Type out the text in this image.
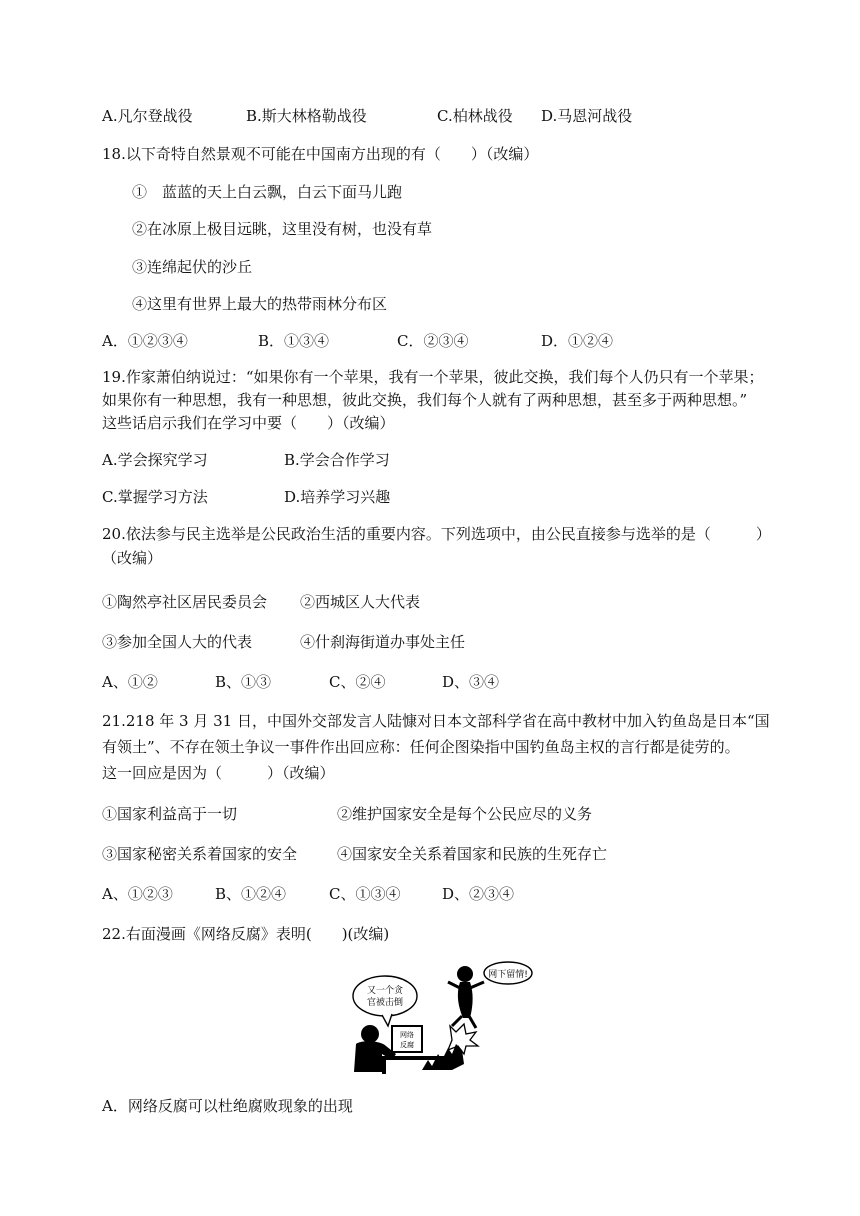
A.凡尔登战役	B.斯大林格勒战役	C.柏林战役 D.马恩河战役
18.以下奇特自然景观不可能在中国南方出现的有（　　）（改编）
①　蓝蓝的天上白云飘，白云下面马儿跑
②在冰原上极目远眺，这里没有树，也没有草
③连绵起伏的沙丘
④这里有世界上最大的热带雨林分布区
A．①②③④	B．①③④	C．②③④	D．①②④
19.作家萧伯纳说过：“如果你有一个苹果，我有一个苹果，彼此交换，我们每个人仍只有一个苹果；
如果你有一种思想，我有一种思想，彼此交换，我们每个人就有了两种思想，甚至多于两种思想。”
这些话启示我们在学习中要（　　）（改编）
A.学会探究学习	B.学会合作学习
C.掌握学习方法	D.培养学习兴趣
20.依法参与民主选举是公民政治生活的重要内容。下列选项中，由公民直接参与选举的是（　　　）
（改编）
①陶然亭社区居民委员会 ②西城区人大代表
③参加全国人大的代表	④什刹海街道办事处主任
A、①②	B、①③	C、②④	D、③④
21.218 年 3 月 31 日，中国外交部发言人陆慷对日本文部科学省在高中教材中加入钓鱼岛是日本“国
有领土”、不存在领土争议一事件作出回应称：任何企图染指中国钓鱼岛主权的言行都是徒劳的。
这一回应是因为（　　　）（改编）
①国家利益高于一切	②维护国家安全是每个公民应尽的义务
③国家秘密关系着国家的安全	④国家安全关系着国家和民族的生死存亡
A、①②③	B、①②④	C、①③④	D、②③④
22.右面漫画《网络反腐》表明(　　)(改编)
又一个贪
官被击倒
网下留情!
网络
反腐
A．网络反腐可以杜绝腐败现象的出现
